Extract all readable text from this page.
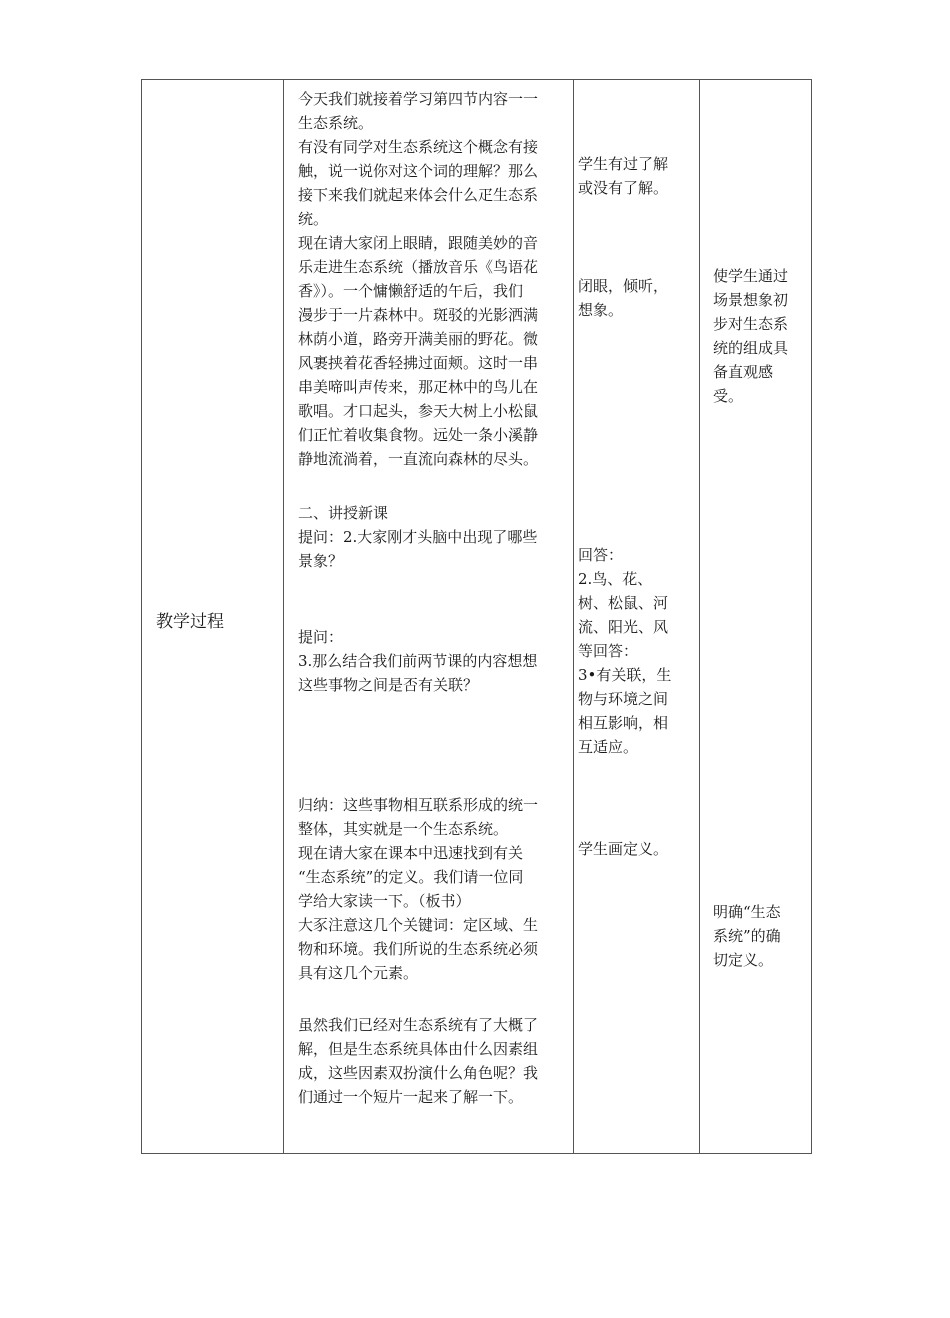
教学过程

今天我们就接着学习第四节内容一一

生态系统。

有没有同学对生态系统这个概念有接

触，说一说你对这个词的理解？那么

接下来我们就起来体会什么疋生态系

统。

现在请大家闭上眼睛，跟随美妙的音

乐走进生态系统（播放音乐《鸟语花

香》）。一个慵懒舒适的午后，我们

漫步于一片森林中。斑驳的光影洒满

林荫小道，路旁开满美丽的野花。微

风裹挟着花香轻拂过面颊。这时一串

串美啼叫声传来，那疋林中的鸟儿在

歌唱。才口起头，参天大树上小松鼠

们正忙着收集食物。远处一条小溪静

静地流淌着，一直流向森林的尽头。

二、讲授新课

提问：2.大家刚才头脑中出现了哪些

景象？

提问：

3.那么结合我们前两节课的内容想想

这些事物之间是否有关联？

归纳：这些事物相互联系形成的统一

整体，其实就是一个生态系统。

现在请大家在课本中迅速找到有关

“生态系统”的定义。我们请一位同

学给大家读一下。（板书）

大豕注意这几个关键词：定区域、生

物和环境。我们所说的生态系统必须

具有这几个元素。

虽然我们已经对生态系统有了大概了

解，但是生态系统具体由什么因素组

成，这些因素双扮演什么角色呢？我

们通过一个短片一起来了解一下。

学生有过了解

或没有了解。

闭眼，倾听，

想象。

回答：

2.鸟、花、

树、松鼠、河

流、阳光、风

等回答：

3•有关联，生

物与环境之间

相互影响，相

互适应。

学生画定义。

使学生通过

场景想象初

步对生态系

统的组成具

备直观感

受。

明确“生态

系统”的确

切定义。
